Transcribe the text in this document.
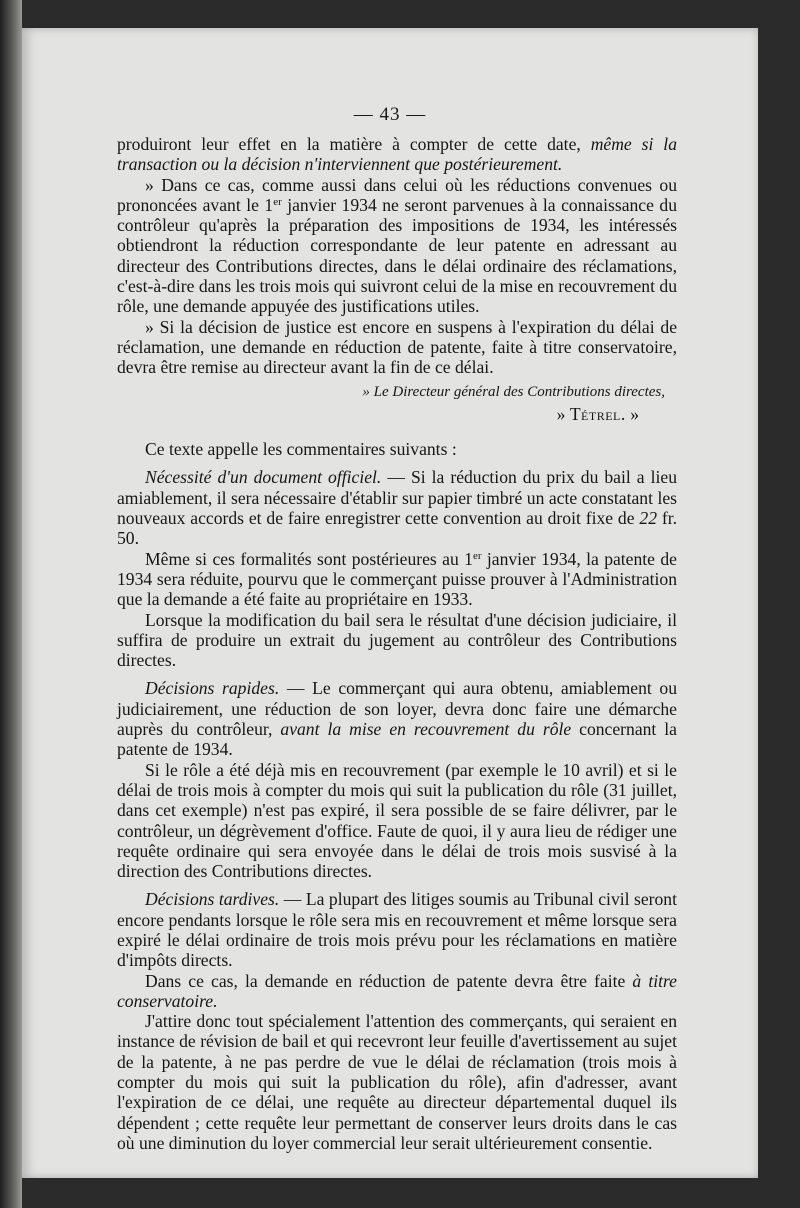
— 43 —

produiront leur effet en la matière à compter de cette date, même si la transaction ou la décision n'interviennent que postérieurement.

» Dans ce cas, comme aussi dans celui où les réductions convenues ou prononcées avant le 1er janvier 1934 ne seront parvenues à la connaissance du contrôleur qu'après la préparation des impositions de 1934, les intéressés obtiendront la réduction correspondante de leur patente en adressant au directeur des Contributions directes, dans le délai ordinaire des réclamations, c'est-à-dire dans les trois mois qui suivront celui de la mise en recouvrement du rôle, une demande appuyée des justifications utiles.

» Si la décision de justice est encore en suspens à l'expiration du délai de réclamation, une demande en réduction de patente, faite à titre conservatoire, devra être remise au directeur avant la fin de ce délai.

» Le Directeur général des Contributions directes,

» Tétrel. »

Ce texte appelle les commentaires suivants :

Nécessité d'un document officiel. — Si la réduction du prix du bail a lieu amiablement, il sera nécessaire d'établir sur papier timbré un acte constatant les nouveaux accords et de faire enregistrer cette convention au droit fixe de 22 fr. 50.

Même si ces formalités sont postérieures au 1er janvier 1934, la patente de 1934 sera réduite, pourvu que le commerçant puisse prouver à l'Administration que la demande a été faite au propriétaire en 1933.

Lorsque la modification du bail sera le résultat d'une décision judiciaire, il suffira de produire un extrait du jugement au contrôleur des Contributions directes.

Décisions rapides. — Le commerçant qui aura obtenu, amiablement ou judiciairement, une réduction de son loyer, devra donc faire une démarche auprès du contrôleur, avant la mise en recouvrement du rôle concernant la patente de 1934.

Si le rôle a été déjà mis en recouvrement (par exemple le 10 avril) et si le délai de trois mois à compter du mois qui suit la publication du rôle (31 juillet, dans cet exemple) n'est pas expiré, il sera possible de se faire délivrer, par le contrôleur, un dégrèvement d'office. Faute de quoi, il y aura lieu de rédiger une requête ordinaire qui sera envoyée dans le délai de trois mois susvisé à la direction des Contributions directes.

Décisions tardives. — La plupart des litiges soumis au Tribunal civil seront encore pendants lorsque le rôle sera mis en recouvrement et même lorsque sera expiré le délai ordinaire de trois mois prévu pour les réclamations en matière d'impôts directs.

Dans ce cas, la demande en réduction de patente devra être faite à titre conservatoire.

J'attire donc tout spécialement l'attention des commerçants, qui seraient en instance de révision de bail et qui recevront leur feuille d'avertissement au sujet de la patente, à ne pas perdre de vue le délai de réclamation (trois mois à compter du mois qui suit la publication du rôle), afin d'adresser, avant l'expiration de ce délai, une requête au directeur départemental duquel ils dépendent ; cette requête leur permettant de conserver leurs droits dans le cas où une diminution du loyer commercial leur serait ultérieurement consentie.
